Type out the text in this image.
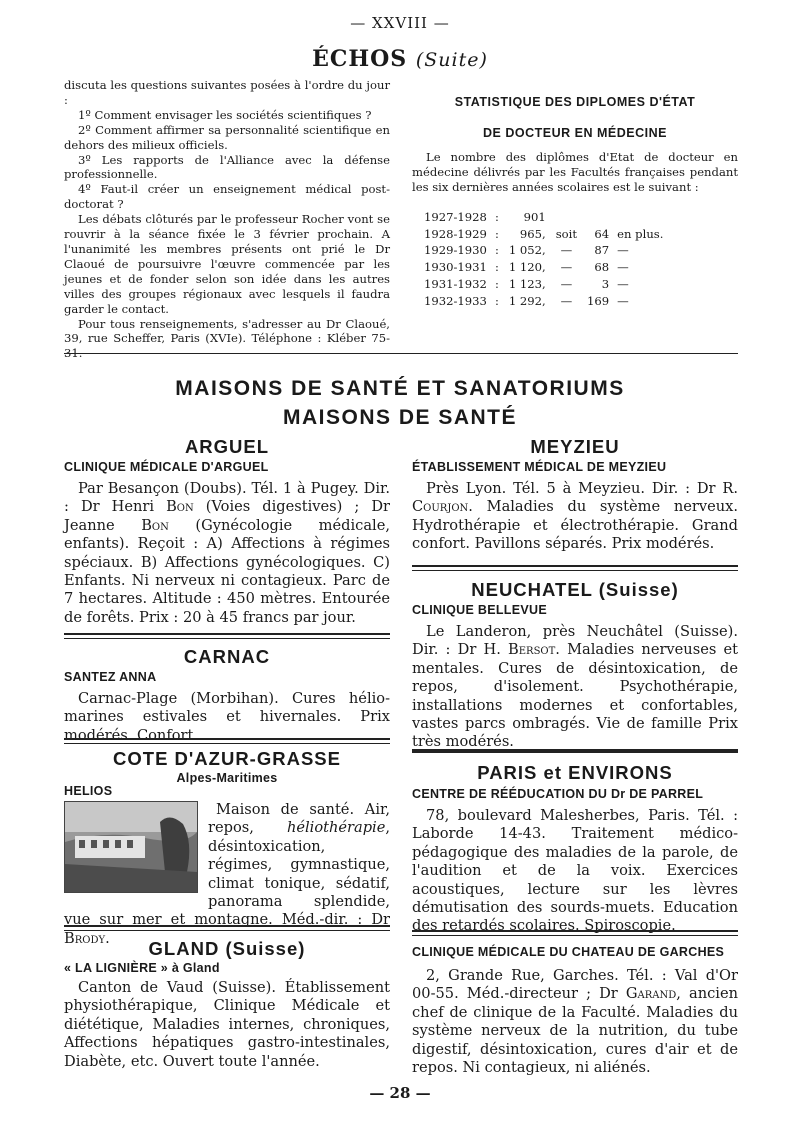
— XXVIII —
ÉCHOS (Suite)

discuta les questions suivantes posées à l'ordre du jour :

1º Comment envisager les sociétés scientifiques ?

2º Comment affirmer sa personnalité scientifique en dehors des milieux officiels.

3º Les rapports de l'Alliance avec la défense professionnelle.

4º Faut-il créer un enseignement médical post-doctorat ?

Les débats clôturés par le professeur Rocher vont se rouvrir à la séance fixée le 3 février prochain. A l'unanimité les membres présents ont prié le Dr Claoué de poursuivre l'œuvre commencée par les jeunes et de fonder selon son idée dans les autres villes des groupes régionaux avec lesquels il faudra garder le contact.

Pour tous renseignements, s'adresser au Dr Claoué, 39, rue Scheffer, Paris (XVIe). Téléphone : Kléber 75-31.

STATISTIQUE DES DIPLOMES D'ÉTAT
DE DOCTEUR EN MÉDECINE

Le nombre des diplômes d'Etat de docteur en médecine délivrés par les Facultés françaises pendant les six dernières années scolaires est le suivant :

1927-1928	:	901			
1928-1929	:	965,	soit	64	en plus.
1929-1930	:	1 052,	—	87	—
1930-1931	:	1 120,	—	68	—
1931-1932	:	1 123,	—	3	—
1932-1933	:	1 292,	—	169	—
MAISONS DE SANTÉ ET SANATORIUMS
MAISONS DE SANTÉ
ARGUEL
CLINIQUE MÉDICALE D'ARGUEL

Par Besançon (Doubs). Tél. 1 à Pugey. Dir. : Dr Henri Bon (Voies digestives) ; Dr Jeanne Bon (Gynécologie médicale, enfants). Reçoit : A) Affections à régimes spéciaux. B) Affections gynécologiques. C) Enfants. Ni nerveux ni contagieux. Parc de 7 hectares. Altitude : 450 mètres. Entourée de forêts. Prix : 20 à 45 francs par jour.

CARNAC
SANTEZ ANNA

Carnac-Plage (Morbihan). Cures hélio-marines estivales et hivernales. Prix modérés. Confort.

COTE D'AZUR-GRASSE
Alpes-Maritimes
HELIOS

Maison de santé. Air, repos, héliothérapie, désintoxication, régimes, gymnastique, climat tonique, sédatif, panorama splendide, vue sur mer et montagne. Méd.-dir. : Dr Brody.	GLAND (Suisse)
« LA LIGNIÈRE » à Gland

Canton de Vaud (Suisse). Établissement physiothérapique, Clinique Médicale et diététique, Maladies internes, chroniques, Affections hépatiques gastro-intestinales, Diabète, etc. Ouvert toute l'année.

MEYZIEU
ÉTABLISSEMENT MÉDICAL DE MEYZIEU

Près Lyon. Tél. 5 à Meyzieu. Dir. : Dr R. Courjon. Maladies du système nerveux. Hydrothérapie et électrothérapie. Grand confort. Pavillons séparés. Prix modérés.

NEUCHATEL (Suisse)
CLINIQUE BELLEVUE

Le Landeron, près Neuchâtel (Suisse). Dir. : Dr H. Bersot. Maladies nerveuses et mentales. Cures de désintoxication, de repos, d'isolement. Psychothérapie, installations modernes et confortables, vastes parcs ombragés. Vie de famille Prix très modérés.

PARIS et ENVIRONS
CENTRE DE RÉÉDUCATION DU Dr DE PARREL

78, boulevard Malesherbes, Paris. Tél. : Laborde 14-43. Traitement médico-pédagogique des maladies de la parole, de l'audition et de la voix. Exercices acoustiques, lecture sur les lèvres démutisation des sourds-muets. Education des retardés scolaires. Spiroscopie.

CLINIQUE MÉDICALE DU CHATEAU DE GARCHES

2, Grande Rue, Garches. Tél. : Val d'Or 00-55. Méd.-directeur ; Dr Garand, ancien chef de clinique de la Faculté. Maladies du système nerveux de la nutrition, du tube digestif, désintoxication, cures d'air et de repos. Ni contagieux, ni aliénés.

— 28 —
